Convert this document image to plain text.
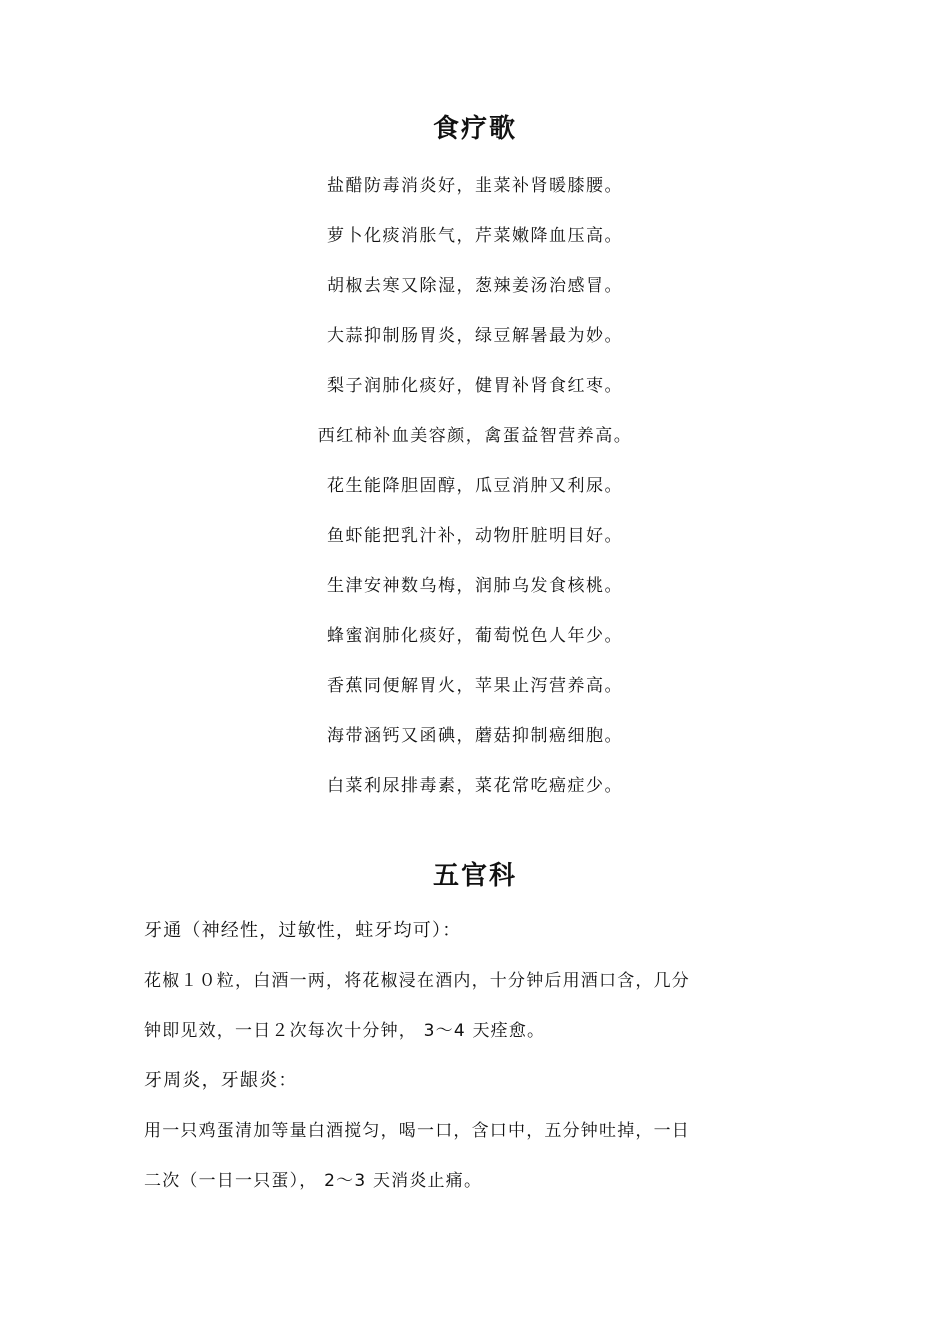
食疗歌
盐醋防毒消炎好，韭菜补肾暖膝腰。
萝卜化痰消胀气，芹菜嫩降血压高。
胡椒去寒又除湿，葱辣姜汤治感冒。
大蒜抑制肠胃炎，绿豆解暑最为妙。
梨子润肺化痰好，健胃补肾食红枣。
西红柿补血美容颜，禽蛋益智营养高。
花生能降胆固醇，瓜豆消肿又利尿。
鱼虾能把乳汁补，动物肝脏明目好。
生津安神数乌梅，润肺乌发食核桃。
蜂蜜润肺化痰好，葡萄悦色人年少。
香蕉同便解胃火，苹果止泻营养高。
海带涵钙又函碘，蘑菇抑制癌细胞。
白菜利尿排毒素，菜花常吃癌症少。
五官科
牙通（神经性，过敏性，蛀牙均可）：
花椒１０粒，白酒一两，将花椒浸在酒内，十分钟后用酒口含，几分
钟即见效，一日２次每次十分钟， 3～4 天痊愈。
牙周炎，牙龈炎：
用一只鸡蛋清加等量白酒搅匀，喝一口，含口中，五分钟吐掉，一日
二次（一日一只蛋）， 2～3 天消炎止痛。
